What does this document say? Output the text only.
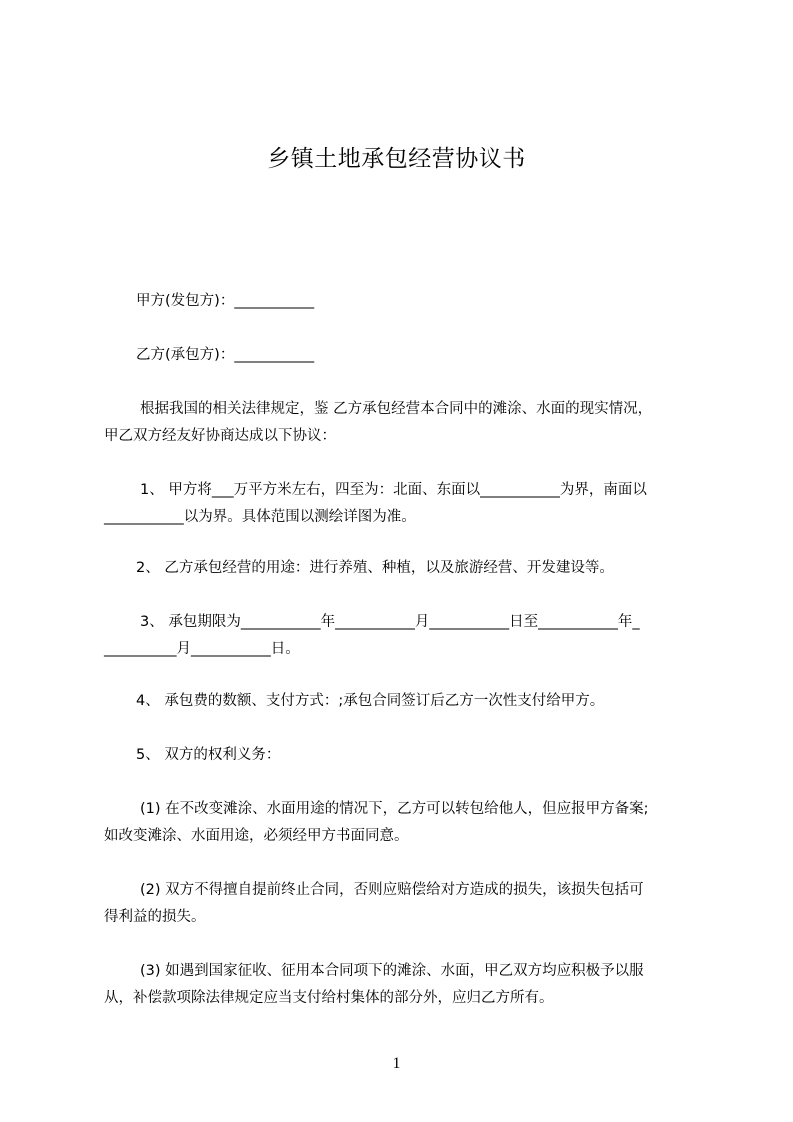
乡镇土地承包经营协议书
甲方(发包方)：___________
乙方(承包方)：___________
根据我国的相关法律规定，鉴 乙方承包经营本合同中的滩涂、水面的现实情况，
甲乙双方经友好协商达成以下协议：
1、 甲方将___万平方米左右，四至为：北面、东面以___________为界，南面以
___________以为界。具体范围以测绘详图为准。
2、 乙方承包经营的用途：进行养殖、种植，以及旅游经营、开发建设等。
3、 承包期限为___________年___________月___________日至___________年_
__________月___________日。
4、 承包费的数额、支付方式：;承包合同签订后乙方一次性支付给甲方。
5、 双方的权利义务：
(1) 在不改变滩涂、水面用途的情况下，乙方可以转包给他人，但应报甲方备案;
如改变滩涂、水面用途，必须经甲方书面同意。
(2) 双方不得擅自提前终止合同，否则应赔偿给对方造成的损失，该损失包括可
得利益的损失。
(3) 如遇到国家征收、征用本合同项下的滩涂、水面，甲乙双方均应积极予以服
从，补偿款项除法律规定应当支付给村集体的部分外，应归乙方所有。
1
